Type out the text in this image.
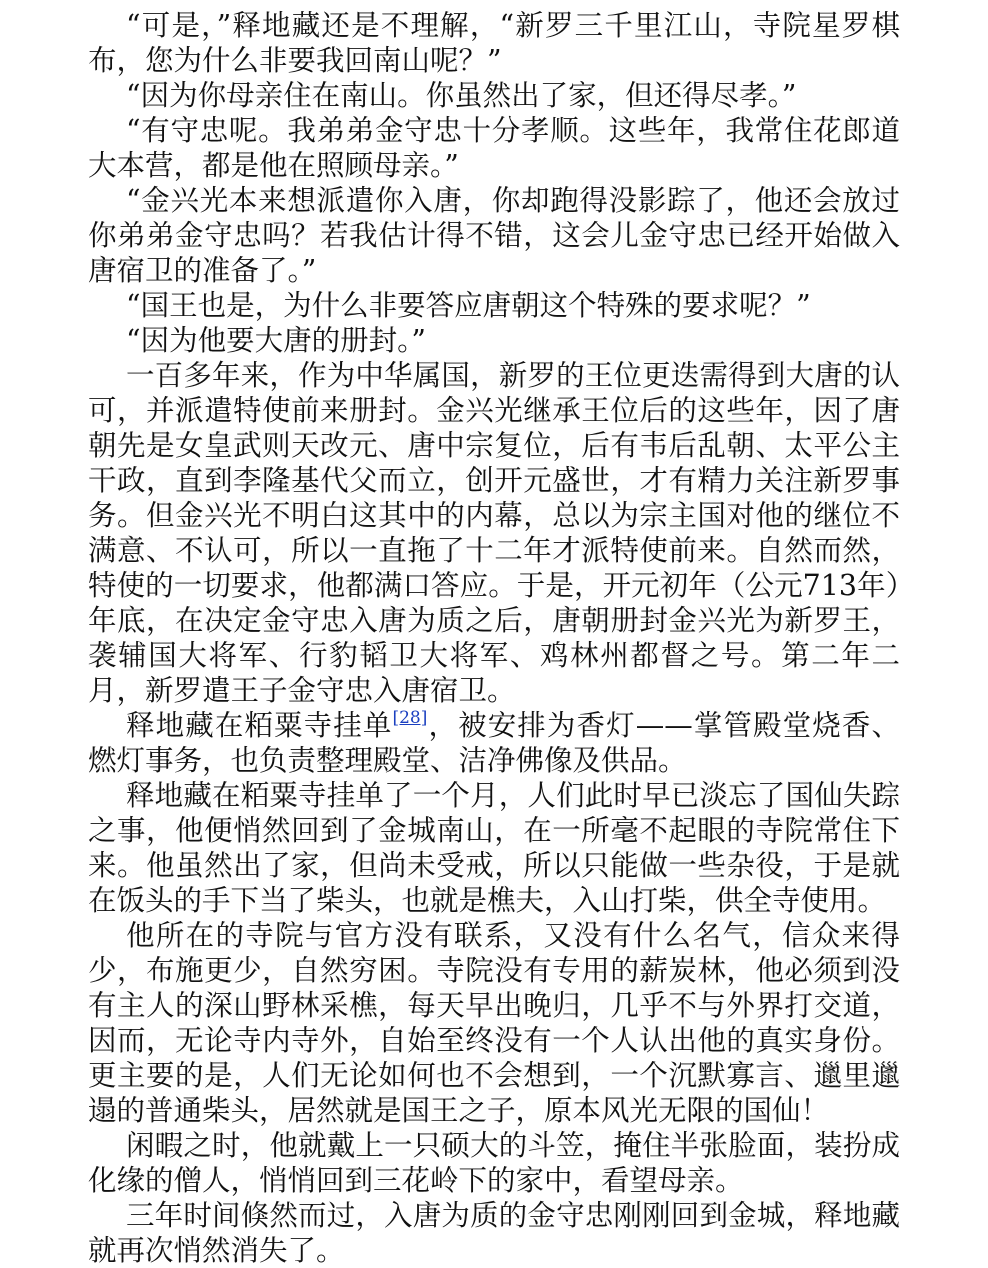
“可是，”释地藏还是不理解，“新罗三千里江山，寺院星罗棋布，您为什么非要我回南山呢？”

“因为你母亲住在南山。你虽然出了家，但还得尽孝。”

“有守忠呢。我弟弟金守忠十分孝顺。这些年，我常住花郎道大本营，都是他在照顾母亲。”

“金兴光本来想派遣你入唐，你却跑得没影踪了，他还会放过你弟弟金守忠吗？若我估计得不错，这会儿金守忠已经开始做入唐宿卫的准备了。”

“国王也是，为什么非要答应唐朝这个特殊的要求呢？”

“因为他要大唐的册封。”

一百多年来，作为中华属国，新罗的王位更迭需得到大唐的认可，并派遣特使前来册封。金兴光继承王位后的这些年，因了唐朝先是女皇武则天改元、唐中宗复位，后有韦后乱朝、太平公主干政，直到李隆基代父而立，创开元盛世，才有精力关注新罗事务。但金兴光不明白这其中的内幕，总以为宗主国对他的继位不满意、不认可，所以一直拖了十二年才派特使前来。自然而然，特使的一切要求，他都满口答应。于是，开元初年（公元713年）年底，在决定金守忠入唐为质之后，唐朝册封金兴光为新罗王，袭辅国大将军、行豹韬卫大将军、鸡林州都督之号。第二年二月，新罗遣王子金守忠入唐宿卫。

释地藏在粨粟寺挂单[28]，被安排为香灯——掌管殿堂烧香、燃灯事务，也负责整理殿堂、洁净佛像及供品。

释地藏在粨粟寺挂单了一个月，人们此时早已淡忘了国仙失踪之事，他便悄然回到了金城南山，在一所毫不起眼的寺院常住下来。他虽然出了家，但尚未受戒，所以只能做一些杂役，于是就在饭头的手下当了柴头，也就是樵夫，入山打柴，供全寺使用。

他所在的寺院与官方没有联系，又没有什么名气，信众来得少，布施更少，自然穷困。寺院没有专用的薪炭林，他必须到没有主人的深山野林采樵，每天早出晚归，几乎不与外界打交道，因而，无论寺内寺外，自始至终没有一个人认出他的真实身份。更主要的是，人们无论如何也不会想到，一个沉默寡言、邋里邋遢的普通柴头，居然就是国王之子，原本风光无限的国仙！

闲暇之时，他就戴上一只硕大的斗笠，掩住半张脸面，装扮成化缘的僧人，悄悄回到三花岭下的家中，看望母亲。

三年时间倏然而过，入唐为质的金守忠刚刚回到金城，释地藏就再次悄然消失了。
